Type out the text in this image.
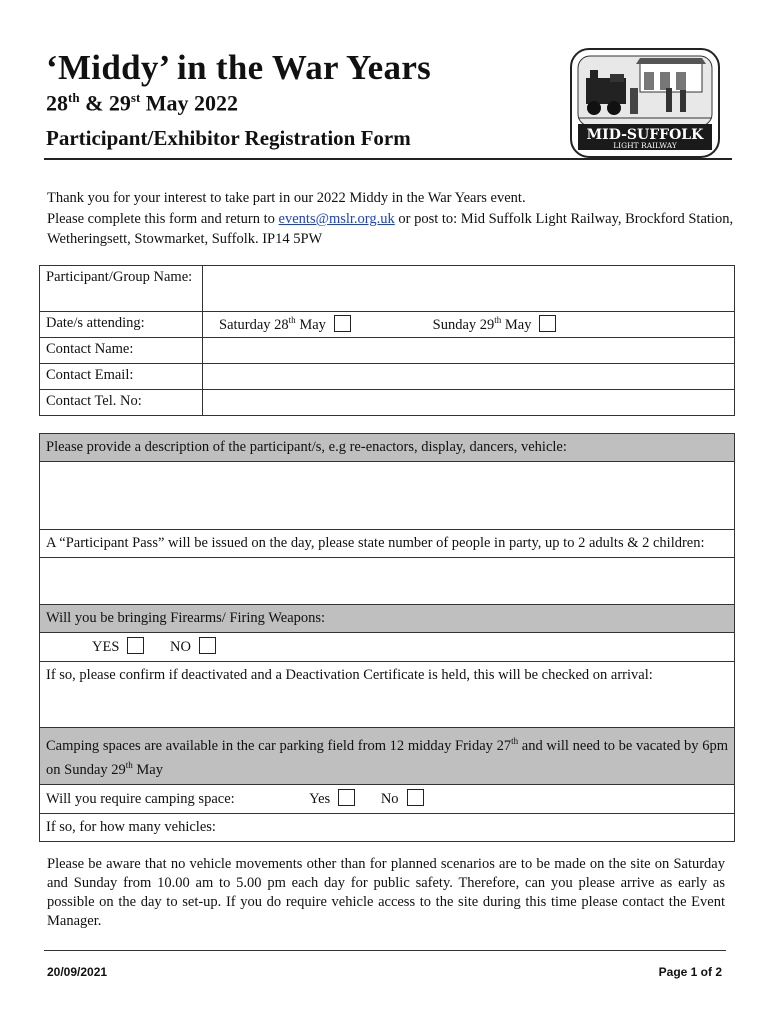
‘Middy’ in the War Years
28th & 29st May 2022
Participant/Exhibitor Registration Form	MID-SUFFOLK
LIGHT RAILWAY
Thank you for your interest to take part in our 2022 Middy in the War Years event.
Please complete this form and return to events@mslr.org.uk or post to: Mid Suffolk Light Railway, Brockford Station, Wetheringsett, Stowmarket, Suffolk. IP14 5PW
Participant/Group Name:	
Date/s attending:	Saturday 28th May Sunday 29th May
Contact Name:	
Contact Email:	
Contact Tel. No:	
Please provide a description of the participant/s, e.g re-enactors, display, dancers, vehicle:

A “Participant Pass” will be issued on the day, please state number of people in party, up to 2 adults & 2 children:

Will you be bringing Firearms/ Firing Weapons:
YES	NO
If so, please confirm if deactivated and a Deactivation Certificate is held, this will be checked on arrival:
Camping spaces are available in the car parking field from 12 midday Friday 27th and will need to be vacated by 6pm on Sunday 29th May
Will you require camping space:	Yes	No
If so, for how many vehicles:
Please be aware that no vehicle movements other than for planned scenarios are to be made on the site on Saturday and Sunday from 10.00 am to 5.00 pm each day for public safety. Therefore, can you please arrive as early as possible on the day to set-up. If you do require vehicle access to the site during this time please contact the Event Manager.
20/09/2021	Page 1 of 2
